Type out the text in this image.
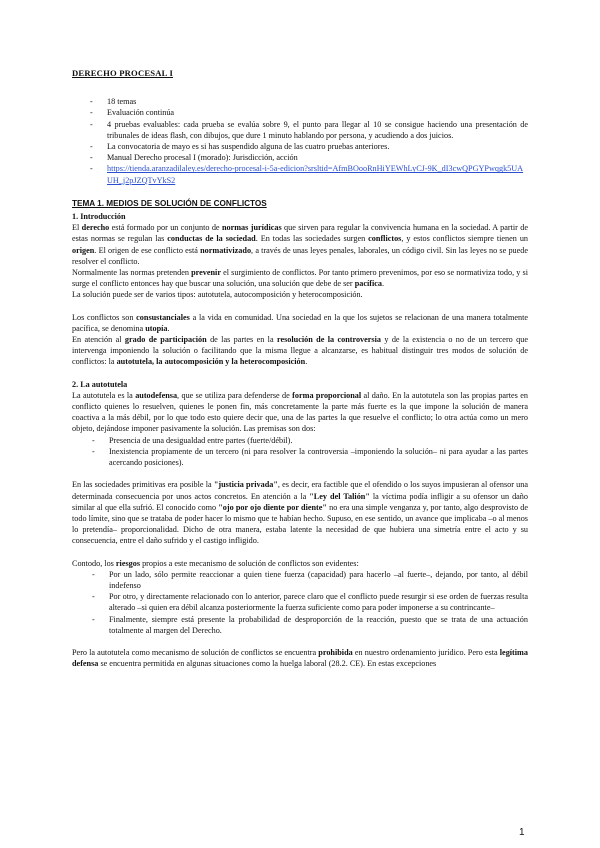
DERECHO PROCESAL I
- 18 temas
- Evaluación continúa
- 4 pruebas evaluables: cada prueba se evalúa sobre 9, el punto para llegar al 10 se consigue haciendo una presentación de tribunales de ideas flash, con dibujos, que dure 1 minuto hablando por persona, y acudiendo a dos juicios.
- La convocatoria de mayo es si has suspendido alguna de las cuatro pruebas anteriores.
- Manual Derecho procesal I (morado): Jurisdicción, acción
- https://tienda.aranzadilaley.es/derecho-procesal-i-5a-edicion?srsltid=AfmBOooRnHiYEWhLyCJ-9K_dI3cwQPGYPwqgk5UAUH_j2pJZQTvYkS2
TEMA 1. MEDIOS DE SOLUCIÓN DE CONFLICTOS

1. Introducción

El derecho está formado por un conjunto de normas jurídicas que sirven para regular la convivencia humana en la sociedad. A partir de estas normas se regulan las conductas de la sociedad. En todas las sociedades surgen conflictos, y estos conflictos siempre tienen un origen. El origen de ese conflicto está normativizado, a través de unas leyes penales, laborales, un código civil. Sin las leyes no se puede resolver el conflicto.

Normalmente las normas pretenden prevenir el surgimiento de conflictos. Por tanto primero prevenimos, por eso se normativiza todo, y si surge el conflicto entonces hay que buscar una solución, una solución que debe de ser pacífica.

La solución puede ser de varios tipos: autotutela, autocomposición y heterocomposición.

Los conflictos son consustanciales a la vida en comunidad. Una sociedad en la que los sujetos se relacionan de una manera totalmente pacífica, se denomina utopía.

En atención al grado de participación de las partes en la resolución de la controversia y de la existencia o no de un tercero que intervenga imponiendo la solución o facilitando que la misma llegue a alcanzarse, es habitual distinguir tres modos de solución de conflictos: la autotutela, la autocomposición y la heterocomposición.

2. La autotutela

La autotutela es la autodefensa, que se utiliza para defenderse de forma proporcional al daño. En la autotutela son las propias partes en conflicto quienes lo resuelven, quienes le ponen fin, más concretamente la parte más fuerte es la que impone la solución de manera coactiva a la más débil, por lo que todo esto quiere decir que, una de las partes la que resuelve el conflicto; lo otra actúa como un mero objeto, dejándose imponer pasivamente la solución. Las premisas son dos:

- Presencia de una desigualdad entre partes (fuerte/débil).
- Inexistencia propiamente de un tercero (ni para resolver la controversia –imponiendo la solución– ni para ayudar a las partes acercando posiciones).

En las sociedades primitivas era posible la "justicia privada", es decir, era factible que el ofendido o los suyos impusieran al ofensor una determinada consecuencia por unos actos concretos. En atención a la "Ley del Talión" la víctima podía infligir a su ofensor un daño similar al que ella sufrió. El conocido como "ojo por ojo diente por diente" no era una simple venganza y, por tanto, algo desprovisto de todo límite, sino que se trataba de poder hacer lo mismo que te habían hecho. Supuso, en ese sentido, un avance que implicaba –o al menos lo pretendía– proporcionalidad. Dicho de otra manera, estaba latente la necesidad de que hubiera una simetría entre el acto y su consecuencia, entre el daño sufrido y el castigo infligido.

Contodo, los riesgos propios a este mecanismo de solución de conflictos son evidentes:

- Por un lado, sólo permite reaccionar a quien tiene fuerza (capacidad) para hacerlo –al fuerte–, dejando, por tanto, al débil indefenso
- Por otro, y directamente relacionado con lo anterior, parece claro que el conflicto puede resurgir si ese orden de fuerzas resulta alterado –si quien era débil alcanza posteriormente la fuerza suficiente como para poder imponerse a su contrincante–
- Finalmente, siempre está presente la probabilidad de desproporción de la reacción, puesto que se trata de una actuación totalmente al margen del Derecho.

Pero la autotutela como mecanismo de solución de conflictos se encuentra prohibida en nuestro ordenamiento jurídico. Pero esta legítima defensa se encuentra permitida en algunas situaciones como la huelga laboral (28.2. CE). En estas excepciones

1
